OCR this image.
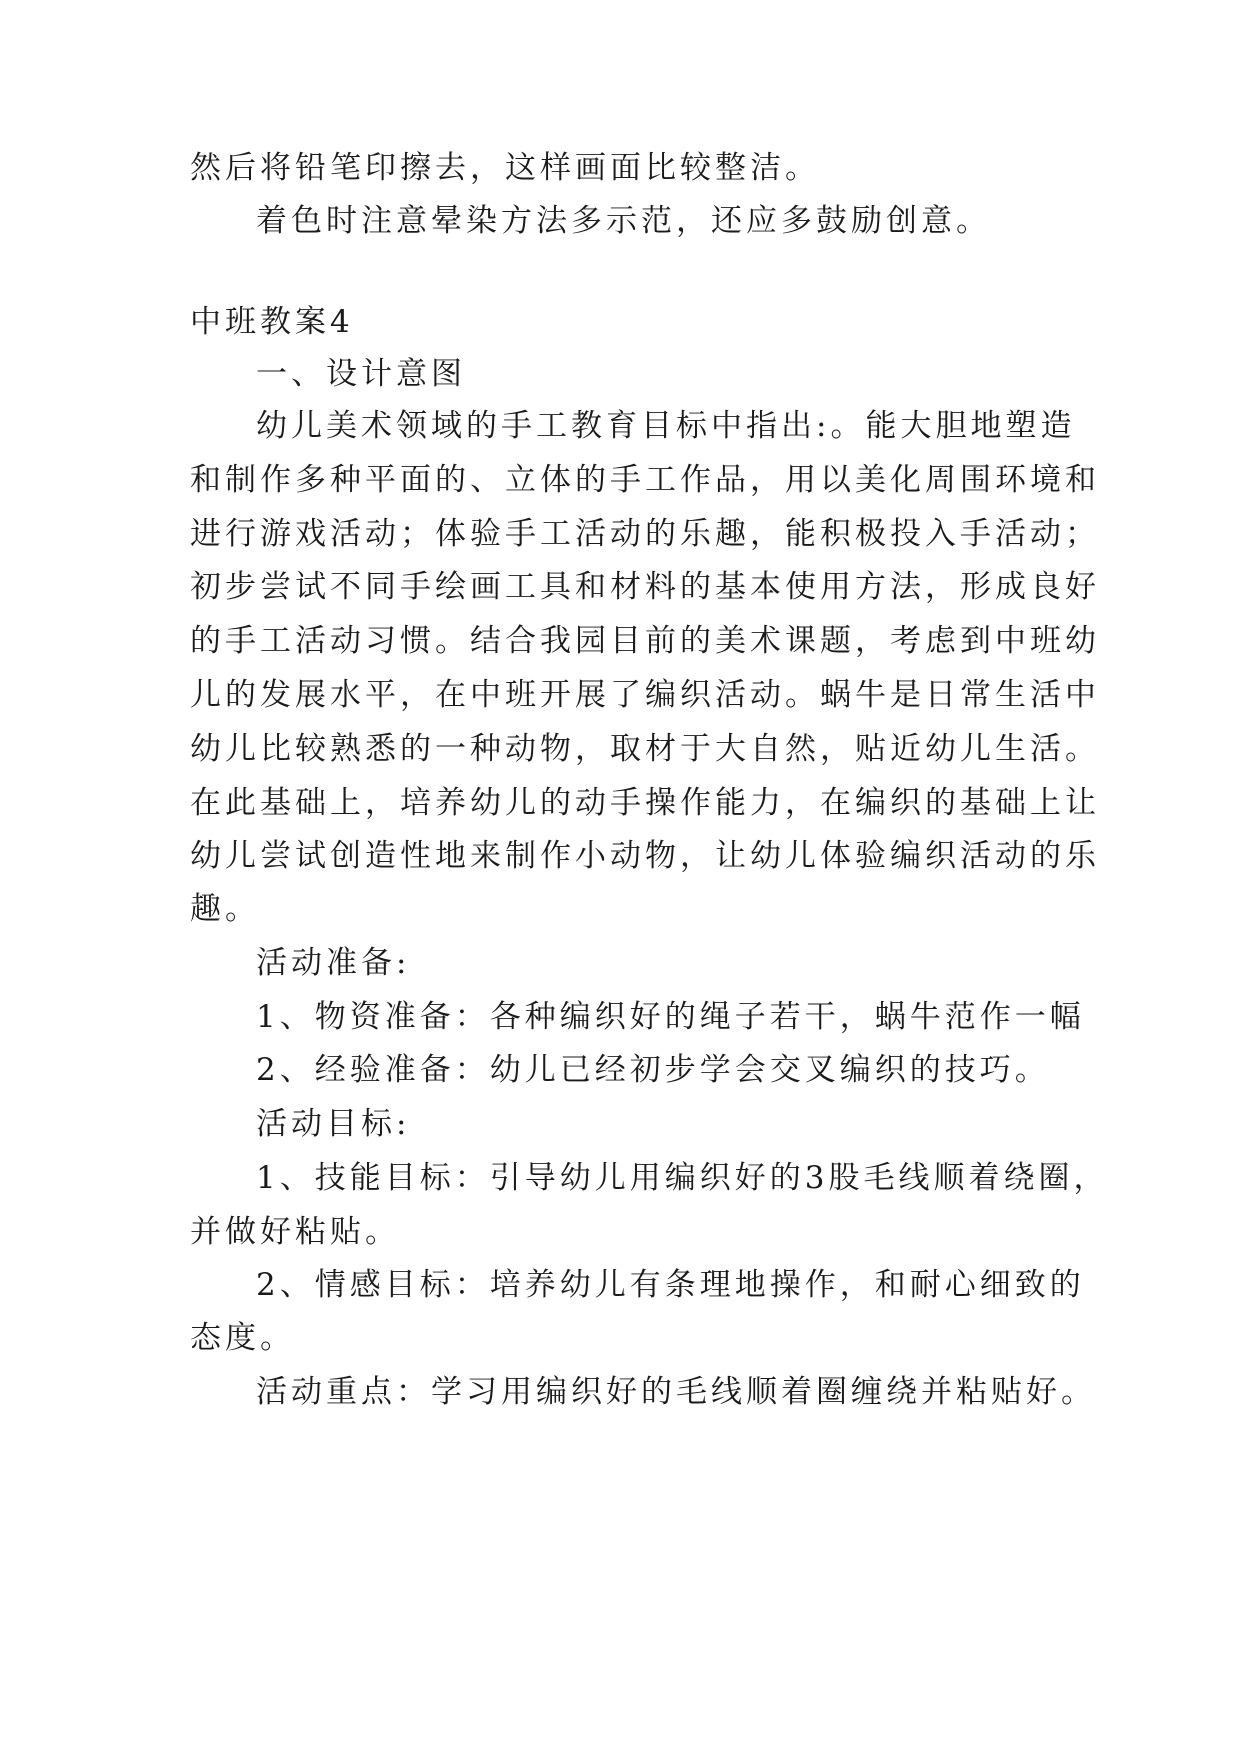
然后将铅笔印擦去，这样画面比较整洁。
着色时注意晕染方法多示范，还应多鼓励创意。
中班教案4
一、设计意图
幼儿美术领域的手工教育目标中指出:。能大胆地塑造
和制作多种平面的、立体的手工作品，用以美化周围环境和
进行游戏活动；体验手工活动的乐趣，能积极投入手活动；
初步尝试不同手绘画工具和材料的基本使用方法，形成良好
的手工活动习惯。结合我园目前的美术课题，考虑到中班幼
儿的发展水平，在中班开展了编织活动。蜗牛是日常生活中
幼儿比较熟悉的一种动物，取材于大自然，贴近幼儿生活。
在此基础上，培养幼儿的动手操作能力，在编织的基础上让
幼儿尝试创造性地来制作小动物，让幼儿体验编织活动的乐
趣。
活动准备:
1、物资准备：各种编织好的绳子若干，蜗牛范作一幅
2、经验准备：幼儿已经初步学会交叉编织的技巧。
活动目标:
1、技能目标：引导幼儿用编织好的3股毛线顺着绕圈，
并做好粘贴。
2、情感目标：培养幼儿有条理地操作，和耐心细致的
态度。
活动重点：学习用编织好的毛线顺着圈缠绕并粘贴好。
